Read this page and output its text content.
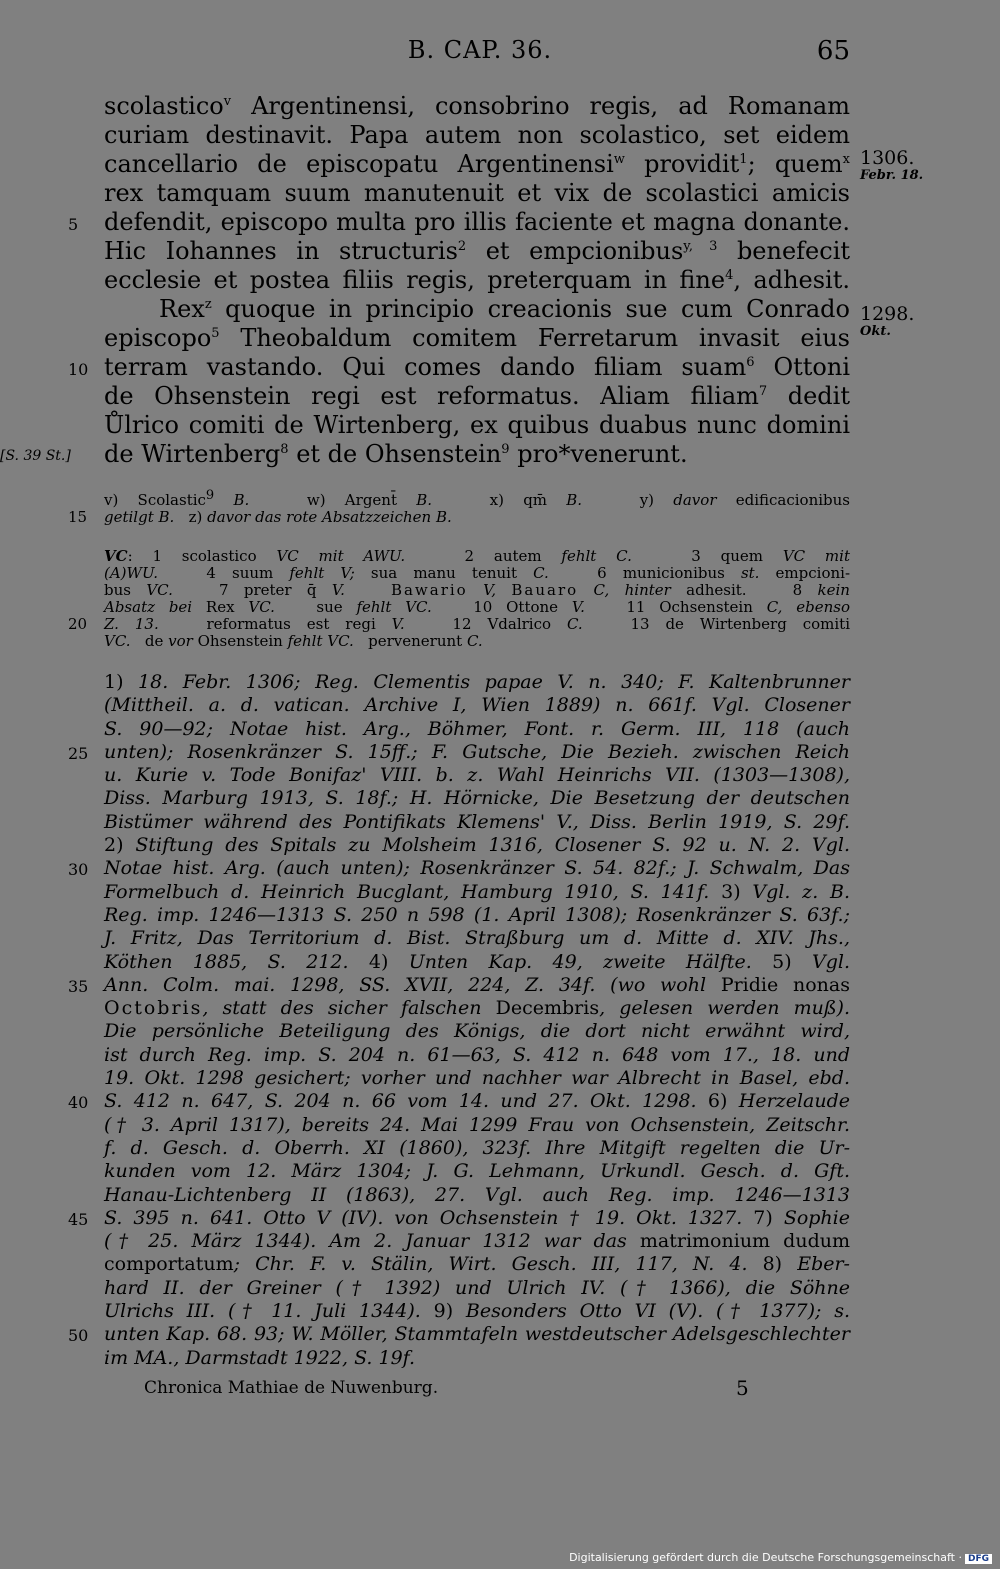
B. CAP. 36.	65
scolastico$^v$ Argentinensi, consobrino regis, ad Romanam
curiam destinavit. Papa autem non scolastico, set eidem
cancellario de episcopatu Argentinensi$^w$ providit$^1$; quem$^x$
rex tamquam suum manutenuit et vix de scolastici amicis
5	defendit, episcopo multa pro illis faciente et magna donante.
Hic Iohannes in structuris$^2$ et empcionibus$^{y, 3}$ benefecit
ecclesie et postea filiis regis, preterquam in fine$^4$, adhesit.
Rex$^z$ quoque in principio creacionis sue cum Conrado
episcopo$^5$ Theobaldum comitem Ferretarum invasit eius
10 terram vastando. Qui comes dando filiam suam$^6$ Ottoni
de Ohsenstein regi est reformatus. Aliam filiam$^7$ dedit
Ůlrico comiti de Wirtenberg, ex quibus duabus nunc domini
[S. 39 St.]	de Wirtenberg$^8$ et de Ohsenstein$^9$ pro*venerunt.
1306.
Febr. 18.
1298.
Okt.
v) Scolastic$^9$ B.   w) Argent̄ B.   x) qm̄ B.   y) davor edificacionibus
15	getilgt B.   z) davor das rote Absatzzeichen B.
VC: 1 scolastico VC mit AWU.   2 autem fehlt C.   3 quem VC mit
(A)WU.   4 suum fehlt V; sua manu tenuit C.   6 municionibus st. empcioni-
bus VC.   7 preter q̄ V.	Bawario V, Bauaro C, hinter adhesit.   8 kein
Absatz bei Rex VC.   sue fehlt VC.   10 Ottone V.   11 Ochsenstein C, ebenso
20	Z. 13.   reformatus est regi V.   12 Vdalrico C.   13 de Wirtenberg comiti
VC.   de vor Ohsenstein fehlt VC.   pervenerunt C.
1) 18. Febr. 1306; Reg. Clementis papae V. n. 340; F. Kaltenbrunner
(Mittheil. a. d. vatican. Archive I, Wien 1889) n. 661f. Vgl. Closener
S. 90—92; Notae hist. Arg., Böhmer, Font. r. Germ. III, 118 (auch
25 unten); Rosenkränzer S. 15ff.; F. Gutsche, Die Bezieh. zwischen Reich
u. Kurie v. Tode Bonifaz' VIII. b. z. Wahl Heinrichs VII. (1303—1308),
Diss. Marburg 1913, S. 18f.; H. Hörnicke, Die Besetzung der deutschen
Bistümer während des Pontifikats Klemens' V., Diss. Berlin 1919, S. 29f.
2) Stiftung des Spitals zu Molsheim 1316, Closener S. 92 u. N. 2. Vgl.
30 Notae hist. Arg. (auch unten); Rosenkränzer S. 54. 82f.; J. Schwalm, Das
Formelbuch d. Heinrich Bucglant, Hamburg 1910, S. 141f. 3) Vgl. z. B.
Reg. imp. 1246—1313 S. 250 n 598 (1. April 1308); Rosenkränzer S. 63f.;
J. Fritz, Das Territorium d. Bist. Straßburg um d. Mitte d. XIV. Jhs.,
Köthen 1885, S. 212. 4) Unten Kap. 49, zweite Hälfte. 5) Vgl.
35 Ann. Colm. mai. 1298, SS. XVII, 224, Z. 34f. (wo wohl Pridie nonas
Octobris, statt des sicher falschen Decembris, gelesen werden muß).
Die persönliche Beteiligung des Königs, die dort nicht erwähnt wird,
ist durch Reg. imp. S. 204 n. 61—63, S. 412 n. 648 vom 17., 18. und
19. Okt. 1298 gesichert; vorher und nachher war Albrecht in Basel, ebd.
40 S. 412 n. 647, S. 204 n. 66 vom 14. und 27. Okt. 1298. 6) Herzelaude
(† 3. April 1317), bereits 24. Mai 1299 Frau von Ochsenstein, Zeitschr.
f. d. Gesch. d. Oberrh. XI (1860), 323f. Ihre Mitgift regelten die Ur-
kunden vom 12. März 1304; J. G. Lehmann, Urkundl. Gesch. d. Gft.
Hanau-Lichtenberg II (1863), 27. Vgl. auch Reg. imp. 1246—1313
45 S. 395 n. 641. Otto V (IV). von Ochsenstein † 19. Okt. 1327. 7) Sophie
(† 25. März 1344). Am 2. Januar 1312 war das matrimonium dudum
comportatum; Chr. F. v. Stälin, Wirt. Gesch. III, 117, N. 4. 8) Eber-
hard II. der Greiner († 1392) und Ulrich IV. († 1366), die Söhne
Ulrichs III. († 11. Juli 1344). 9) Besonders Otto VI (V). († 1377); s.
50 unten Kap. 68. 93; W. Möller, Stammtafeln westdeutscher Adelsgeschlechter
im MA., Darmstadt 1922, S. 19f.
Chronica Mathiae de Nuwenburg.	5
Digitalisierung gefördert durch die Deutsche Forschungsgemeinschaft · DFG
